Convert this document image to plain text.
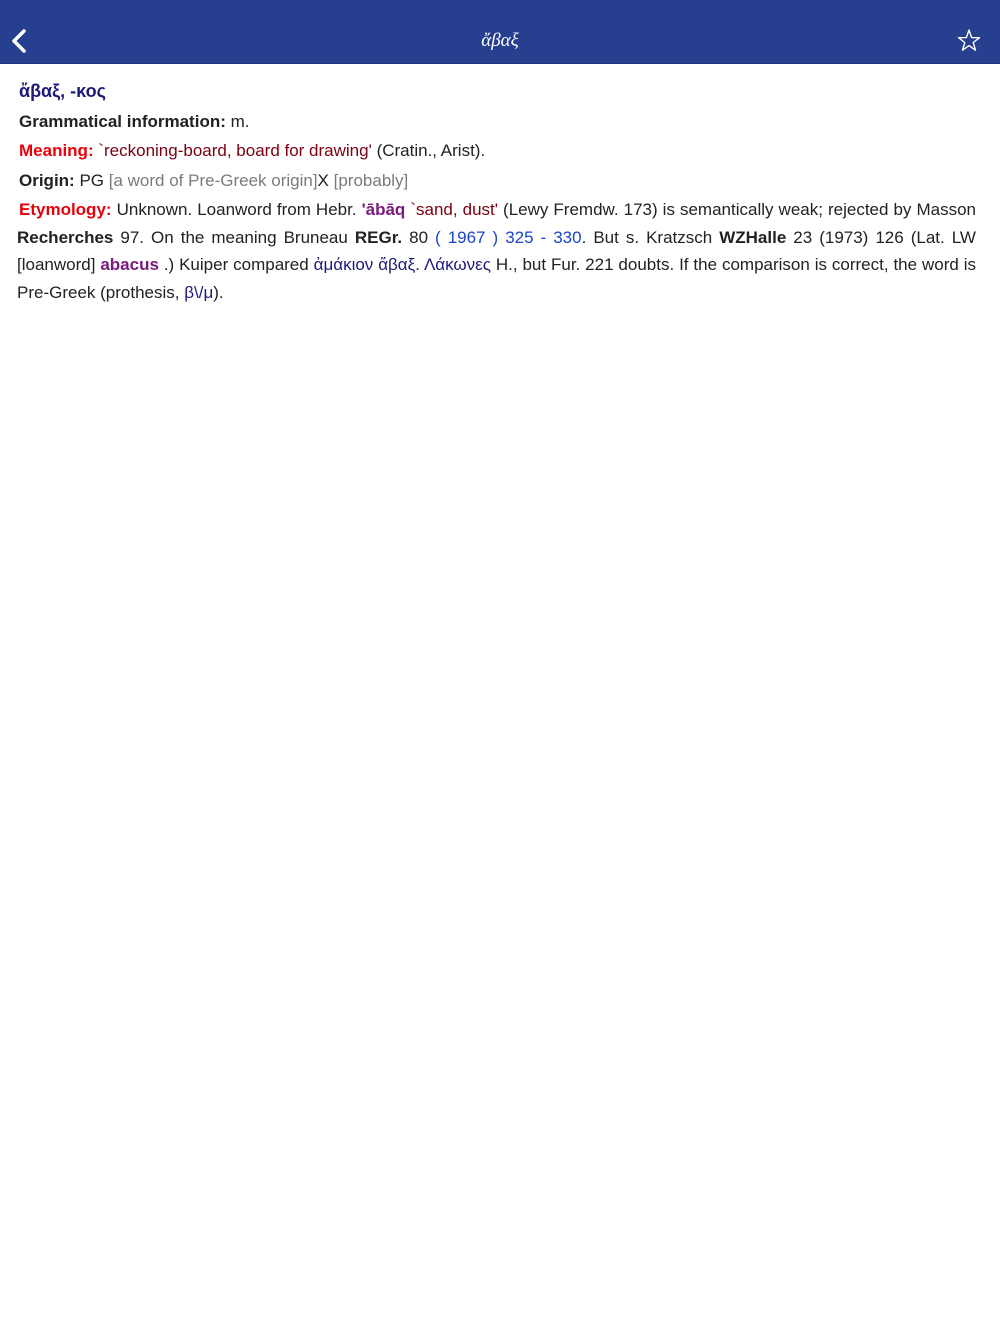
ἄβαξ

ἄβαξ, -κος

Grammatical information: m.

Meaning: `reckoning-board, board for drawing' (Cratin., Arist).

Origin: PG [a word of Pre-Greek origin]X [probably]

Etymology: Unknown. Loanword from Hebr. 'ābāq `sand, dust' (Lewy Fremdw. 173) is semantically weak; rejected by Masson Recherches 97. On the meaning Bruneau REGr. 80 ( 1967 ) 325 - 330. But s. Kratzsch WZHalle 23 (1973) 126 (Lat. LW [loanword] abacus .) Kuiper compared ἀμάκιον ἄβαξ. Λάκωνες H., but Fur. 221 doubts. If the comparison is correct, the word is Pre-Greek (prothesis, β\/μ).
